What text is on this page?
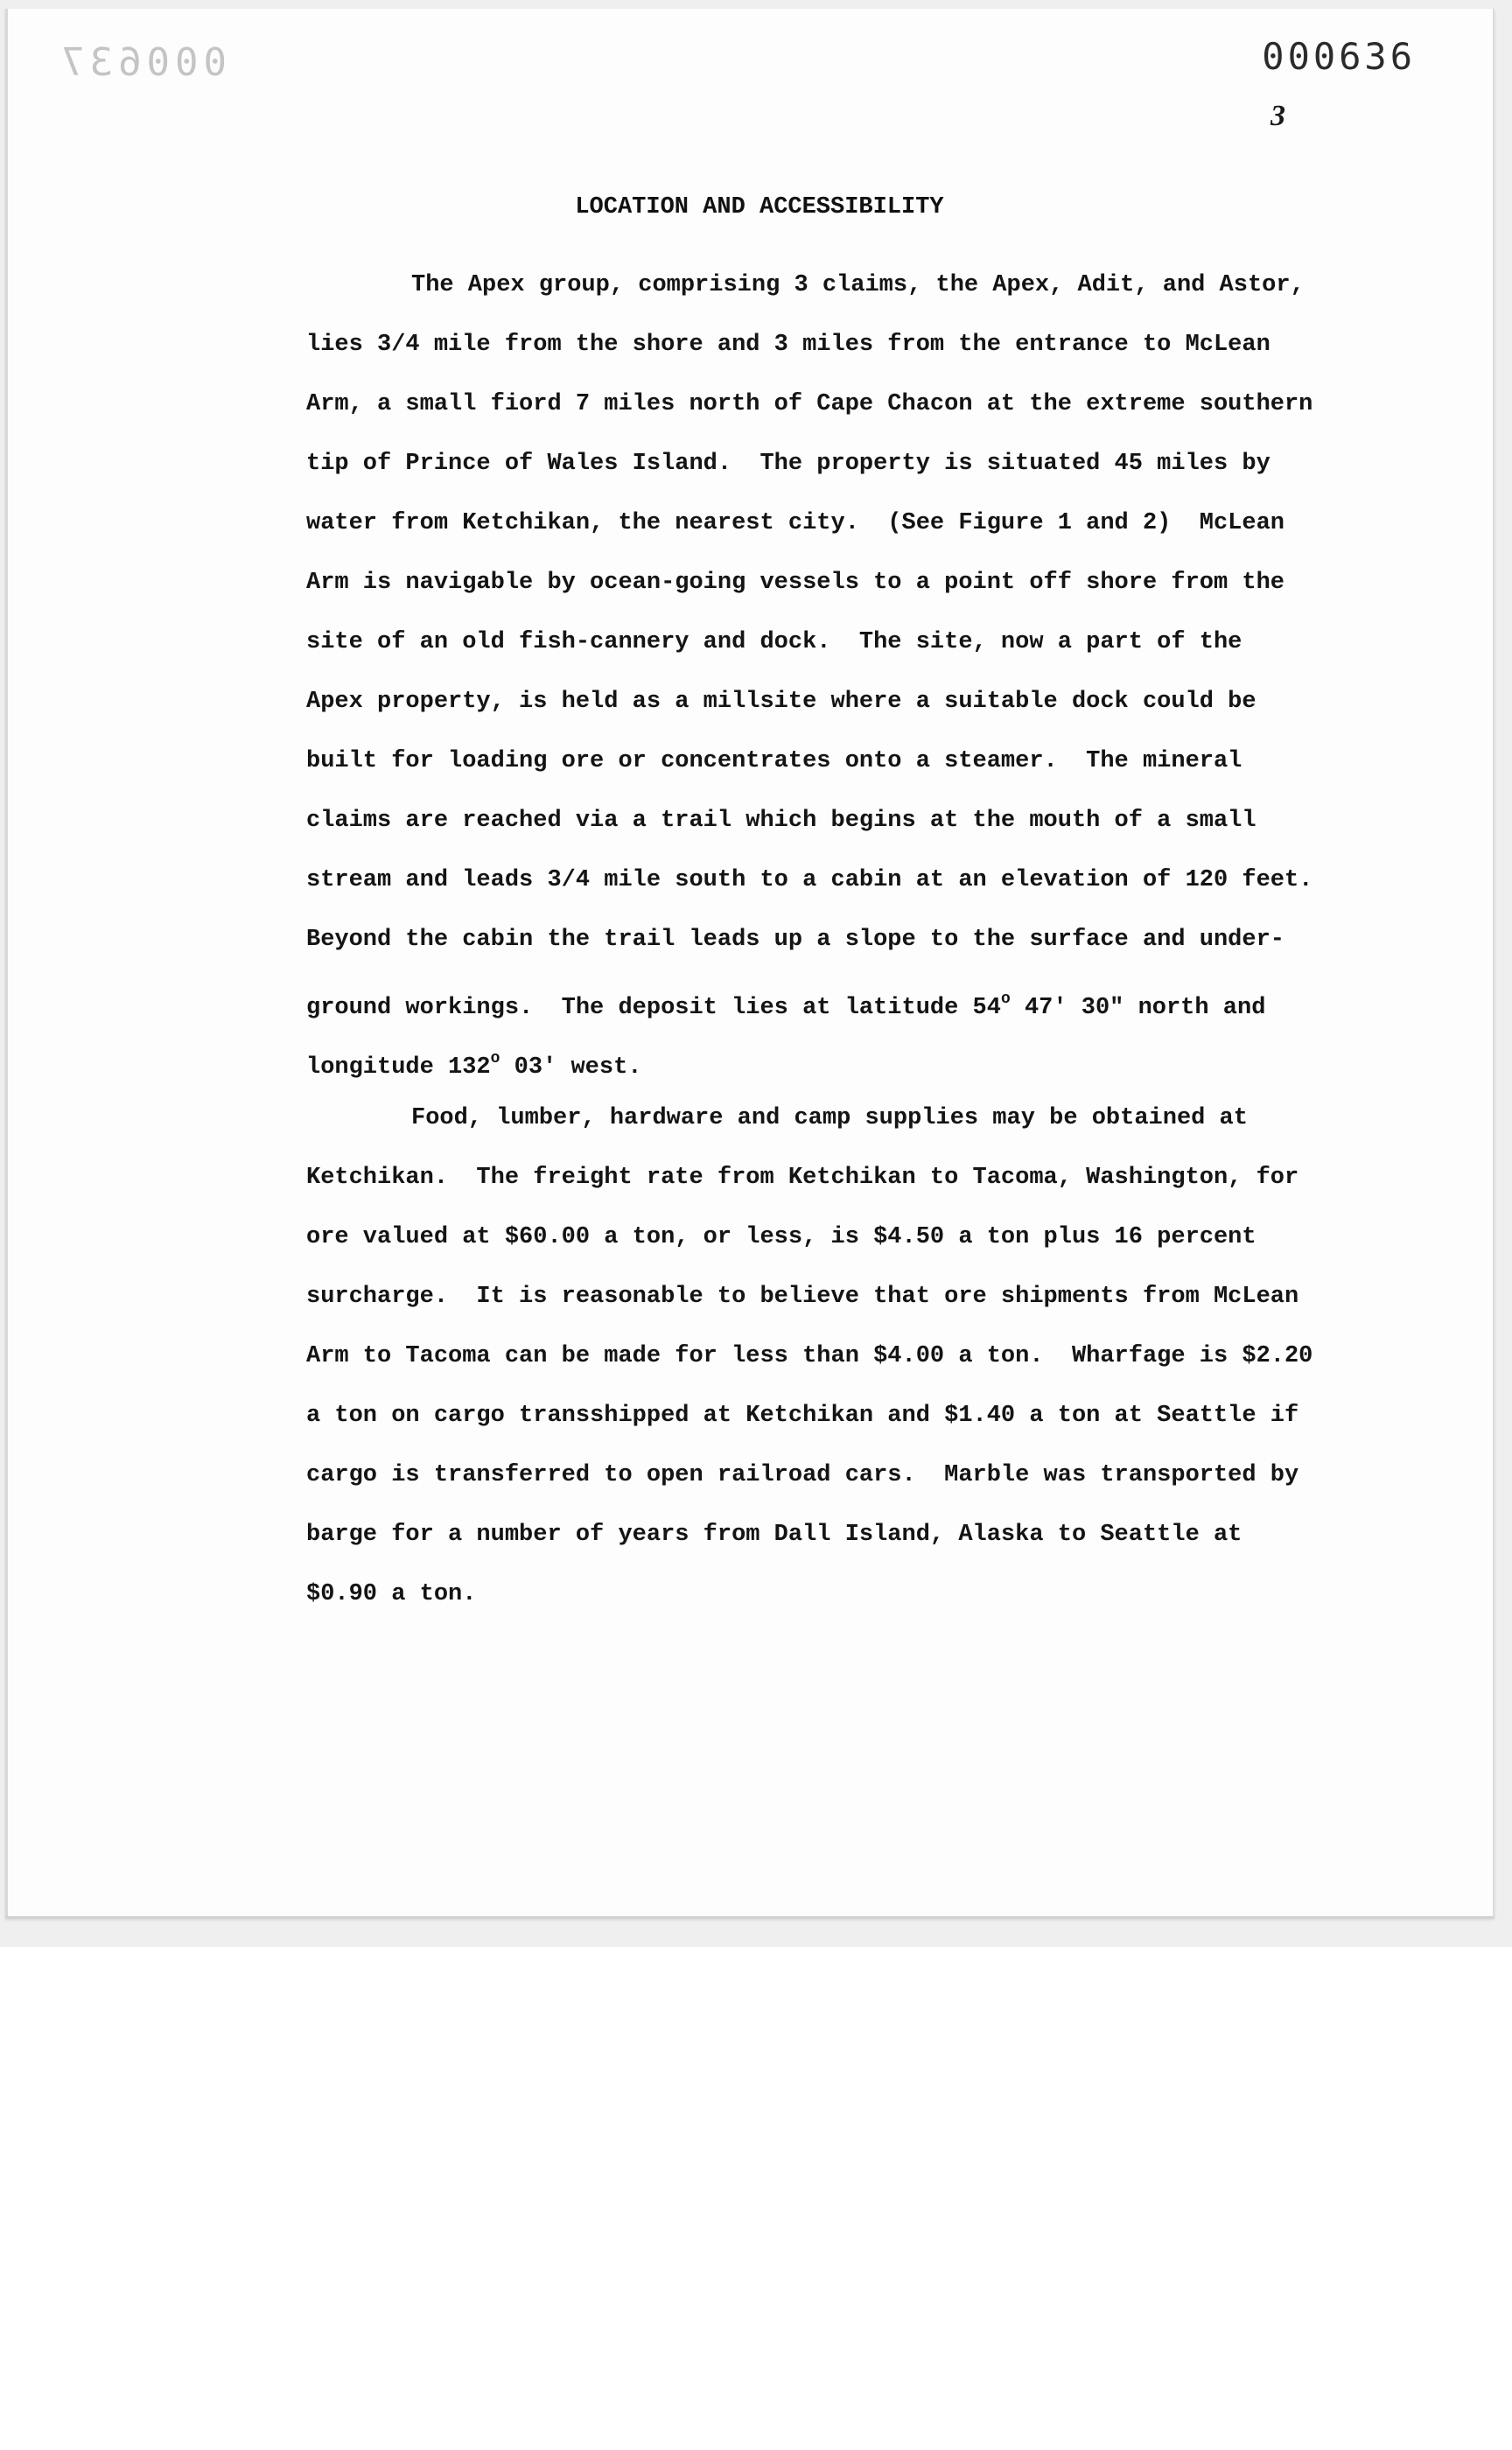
000637	000636
3
LOCATION AND ACCESSIBILITY
The Apex group, comprising 3 claims, the Apex, Adit, and Astor,
lies 3/4 mile from the shore and 3 miles from the entrance to McLean
Arm, a small fiord 7 miles north of Cape Chacon at the extreme southern
tip of Prince of Wales Island.  The property is situated 45 miles by
water from Ketchikan, the nearest city.  (See Figure 1 and 2)  McLean
Arm is navigable by ocean-going vessels to a point off shore from the
site of an old fish-cannery and dock.  The site, now a part of the
Apex property, is held as a millsite where a suitable dock could be
built for loading ore or concentrates onto a steamer.  The mineral
claims are reached via a trail which begins at the mouth of a small
stream and leads 3/4 mile south to a cabin at an elevation of 120 feet.
Beyond the cabin the trail leads up a slope to the surface and under-
ground workings.  The deposit lies at latitude 54$^o$ 47' 30" north and
longitude 132$^o$ 03' west.
Food, lumber, hardware and camp supplies may be obtained at
Ketchikan.  The freight rate from Ketchikan to Tacoma, Washington, for
ore valued at $60.00 a ton, or less, is $4.50 a ton plus 16 percent
surcharge.  It is reasonable to believe that ore shipments from McLean
Arm to Tacoma can be made for less than $4.00 a ton.  Wharfage is $2.20
a ton on cargo transshipped at Ketchikan and $1.40 a ton at Seattle if
cargo is transferred to open railroad cars.  Marble was transported by
barge for a number of years from Dall Island, Alaska to Seattle at
$0.90 a ton.
